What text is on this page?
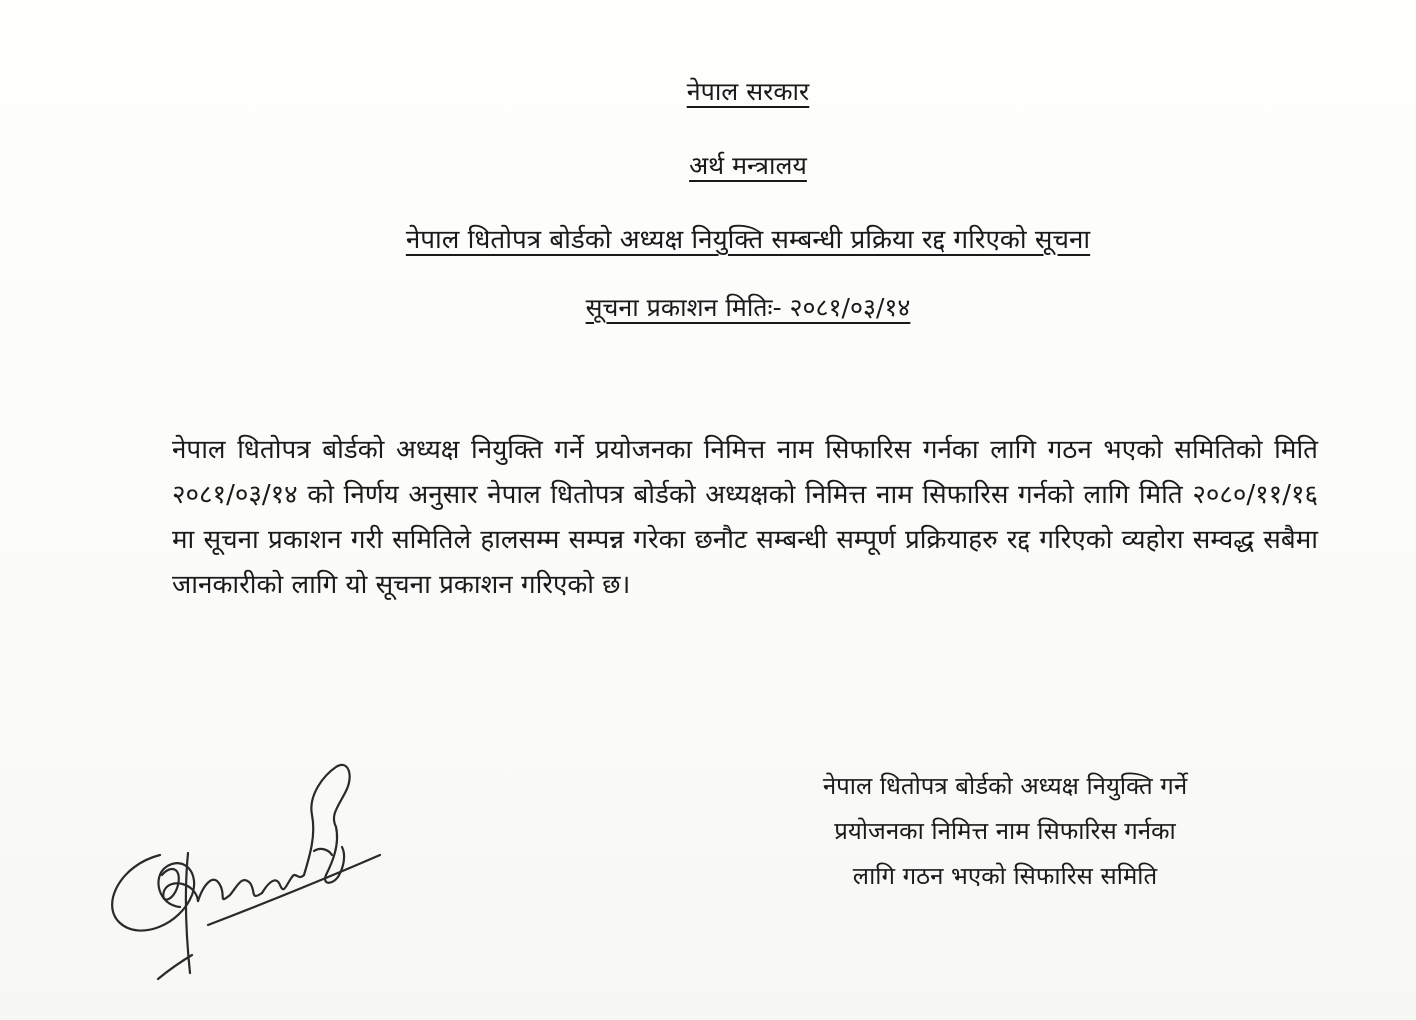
नेपाल सरकार
अर्थ मन्त्रालय
नेपाल धितोपत्र बोर्डको अध्यक्ष नियुक्ति सम्बन्धी प्रक्रिया रद्द गरिएको सूचना
सूचना प्रकाशन मितिः- २०८१/०३/१४
नेपाल धितोपत्र बोर्डको अध्यक्ष नियुक्ति गर्ने प्रयोजनका निमित्त नाम सिफारिस गर्नका लागि गठन भएको समितिको मिति २०८१/०३/१४ को निर्णय अनुसार नेपाल धितोपत्र बोर्डको अध्यक्षको निमित्त नाम सिफारिस गर्नको लागि मिति २०८०/११/१६ मा सूचना प्रकाशन गरी समितिले हालसम्म सम्पन्न गरेका छनौट सम्बन्धी सम्पूर्ण प्रक्रियाहरु रद्द गरिएको व्यहोरा सम्वद्ध सबैमा जानकारीको लागि यो सूचना प्रकाशन गरिएको छ।
नेपाल धितोपत्र बोर्डको अध्यक्ष नियुक्ति गर्ने
प्रयोजनका निमित्त नाम सिफारिस गर्नका
लागि गठन भएको सिफारिस समिति
